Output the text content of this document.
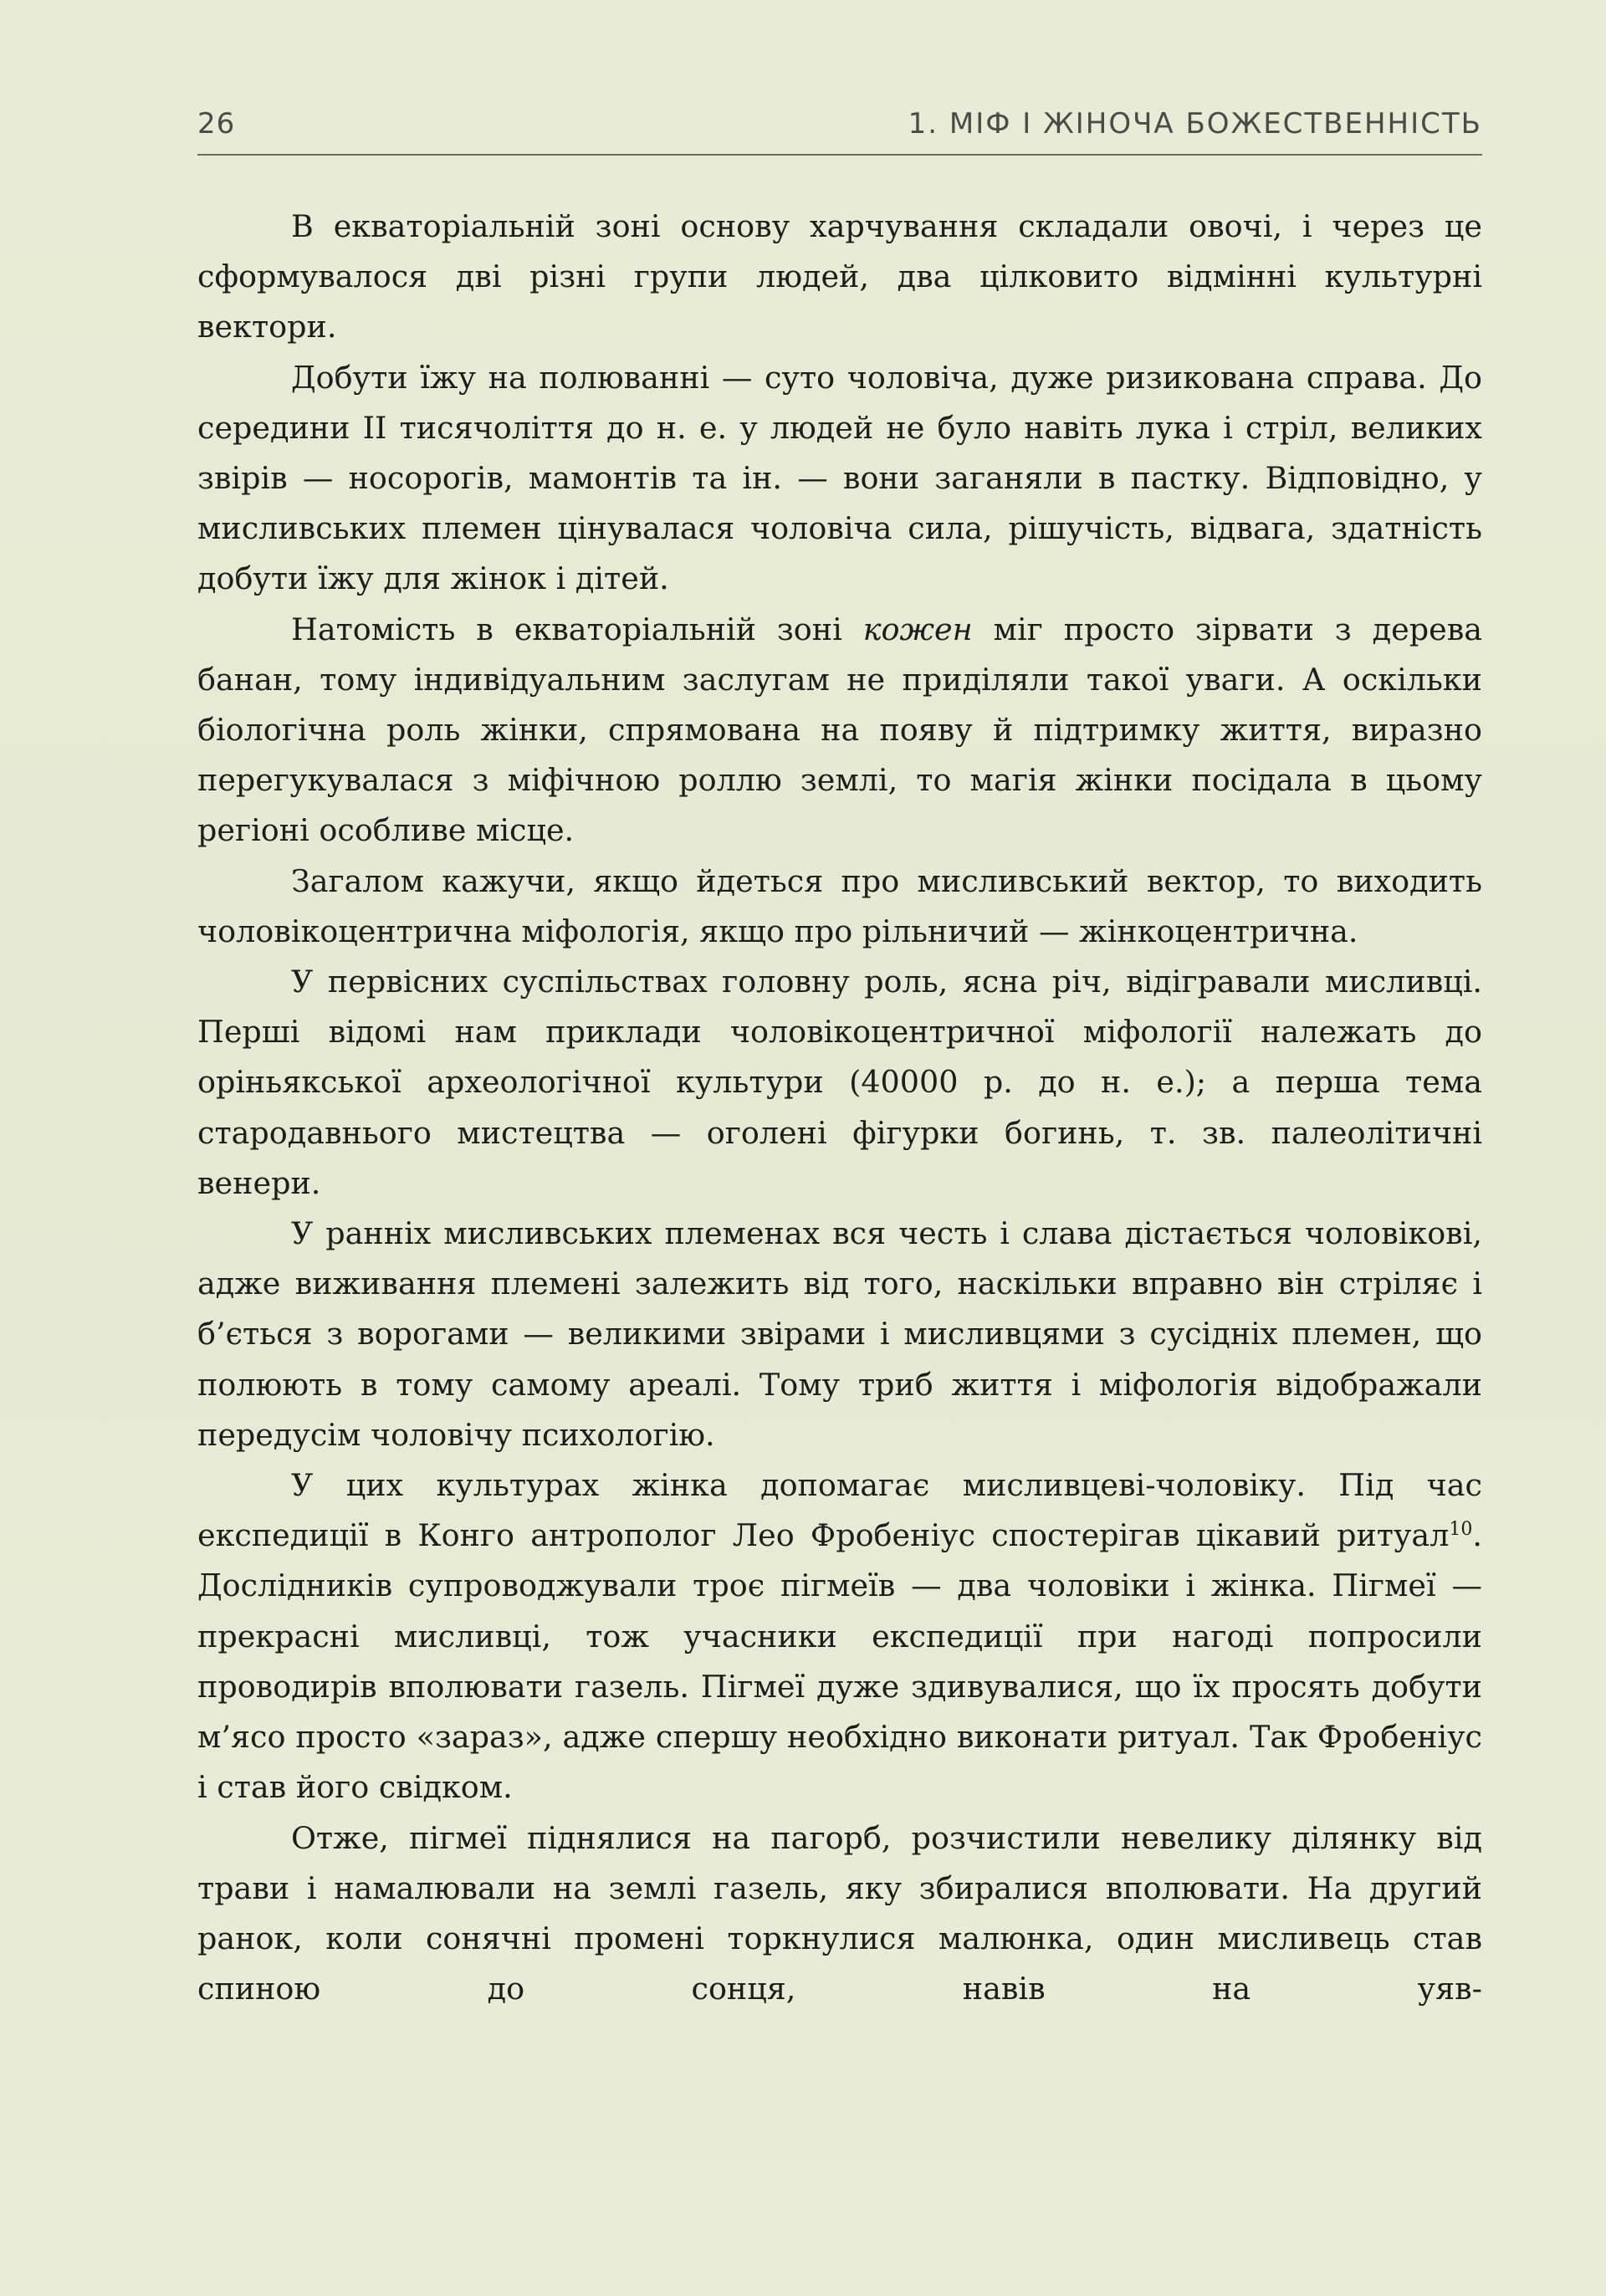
26	1. МІФ І ЖІНОЧА БОЖЕСТВЕННІСТЬ

В екваторіальній зоні основу харчування складали овочі, і через це сформувалося дві різні групи людей, два цілковито відмінні культурні вектори.

Добути їжу на полюванні — суто чоловіча, дуже ризикована справа. До середини ІІ тисячоліття до н. е. у людей не було навіть лука і стріл, великих звірів — носорогів, мамонтів та ін. — вони заганяли в пастку. Відповідно, у мисливських племен цінувалася чоловіча сила, рішучість, відвага, здатність добути їжу для жінок і дітей.

Натомість в екваторіальній зоні кожен міг просто зірвати з дерева банан, тому індивідуальним заслугам не приділяли такої уваги. А оскільки біологічна роль жінки, спрямована на появу й підтримку життя, виразно перегукувалася з міфічною роллю землі, то магія жінки посідала в цьому регіоні особливе місце.

Загалом кажучи, якщо йдеться про мисливський вектор, то виходить чоловікоцентрична міфологія, якщо про рільничий — жінкоцентрична.

У первісних суспільствах головну роль, ясна річ, відігравали мисливці. Перші відомі нам приклади чоловікоцентричної міфології належать до оріньякської археологічної культури (40000 р. до н. е.); а перша тема стародавнього мистецтва — оголені фігурки богинь, т. зв. палеолітичні венери.

У ранніх мисливських племенах вся честь і слава дістається чоловікові, адже виживання племені залежить від того, наскільки вправно він стріляє і б’ється з ворогами — великими звірами і мисливцями з сусідніх племен, що полюють в тому самому ареалі. Тому триб життя і міфологія відображали передусім чоловічу психологію.

У цих культурах жінка допомагає мисливцеві-чоловіку. Під час експедиції в Конго антрополог Лео Фробеніус спостерігав цікавий ритуал$^{10}$. Дослідників супроводжували троє пігмеїв — два чоловіки і жінка. Пігмеї — прекрасні мисливці, тож учасники експедиції при нагоді попросили проводирів вполювати газель. Пігмеї дуже здивувалися, що їх просять добути м’ясо просто «зараз», адже спершу необхідно виконати ритуал. Так Фробеніус і став його свідком.

Отже, пігмеї піднялися на пагорб, розчистили невелику ділянку від трави і намалювали на землі газель, яку збиралися вполювати. На другий ранок, коли сонячні промені торкнулися малюнка, один мисливець став спиною до сонця, навів на уяв-
